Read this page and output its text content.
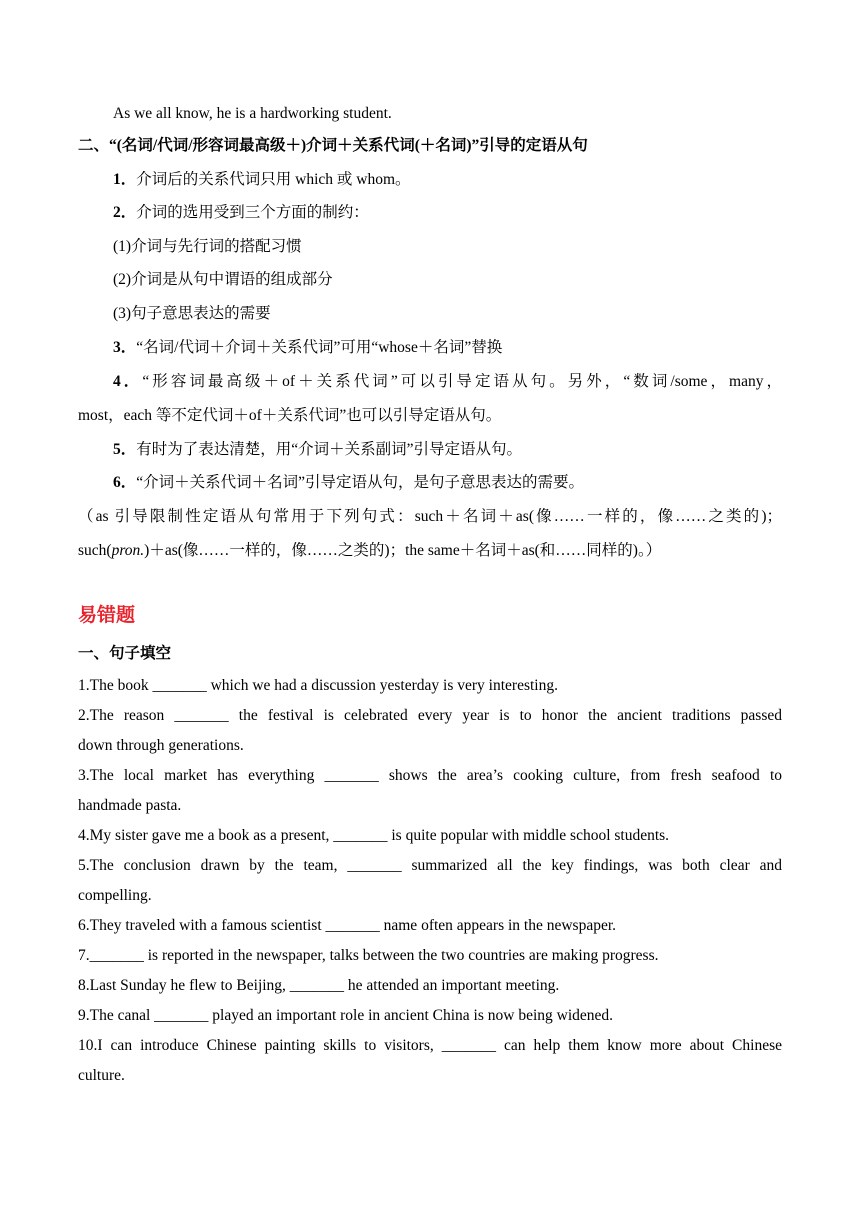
As we all know, he is a hardworking student.
二、“(名词/代词/形容词最高级＋)介词＋关系代词(＋名词)”引导的定语从句
1．介词后的关系代词只用 which 或 whom。
2．介词的选用受到三个方面的制约：
(1)介词与先行词的搭配习惯
(2)介词是从句中谓语的组成部分
(3)句子意思表达的需要
3．“名词/代词＋介词＋关系代词”可用“whose＋名词”替换
4．“形容词最高级＋of＋关系代词”可以引导定语从句。另外，“数词/some，many，
most，each 等不定代词＋of＋关系代词”也可以引导定语从句。
5．有时为了表达清楚，用“介词＋关系副词”引导定语从句。
6．“介词＋关系代词＋名词”引导定语从句，是句子意思表达的需要。
（as 引导限制性定语从句常用于下列句式：such＋名词＋as(像……一样的，像……之类的)；
such(pron.)＋as(像……一样的，像……之类的)；the same＋名词＋as(和……同样的)。）
易错题
一、句子填空
1.The book _______ which we had a discussion yesterday is very interesting.
2.The reason _______ the festival is celebrated every year is to honor the ancient traditions passed
down through generations.
3.The local market has everything _______ shows the area’s cooking culture, from fresh seafood to
handmade pasta.
4.My sister gave me a book as a present, _______ is quite popular with middle school students.
5.The conclusion drawn by the team, _______ summarized all the key findings, was both clear and
compelling.
6.They traveled with a famous scientist _______ name often appears in the newspaper.
7._______ is reported in the newspaper, talks between the two countries are making progress.
8.Last Sunday he flew to Beijing, _______ he attended an important meeting.
9.The canal _______ played an important role in ancient China is now being widened.
10.I can introduce Chinese painting skills to visitors, _______ can help them know more about Chinese
culture.
